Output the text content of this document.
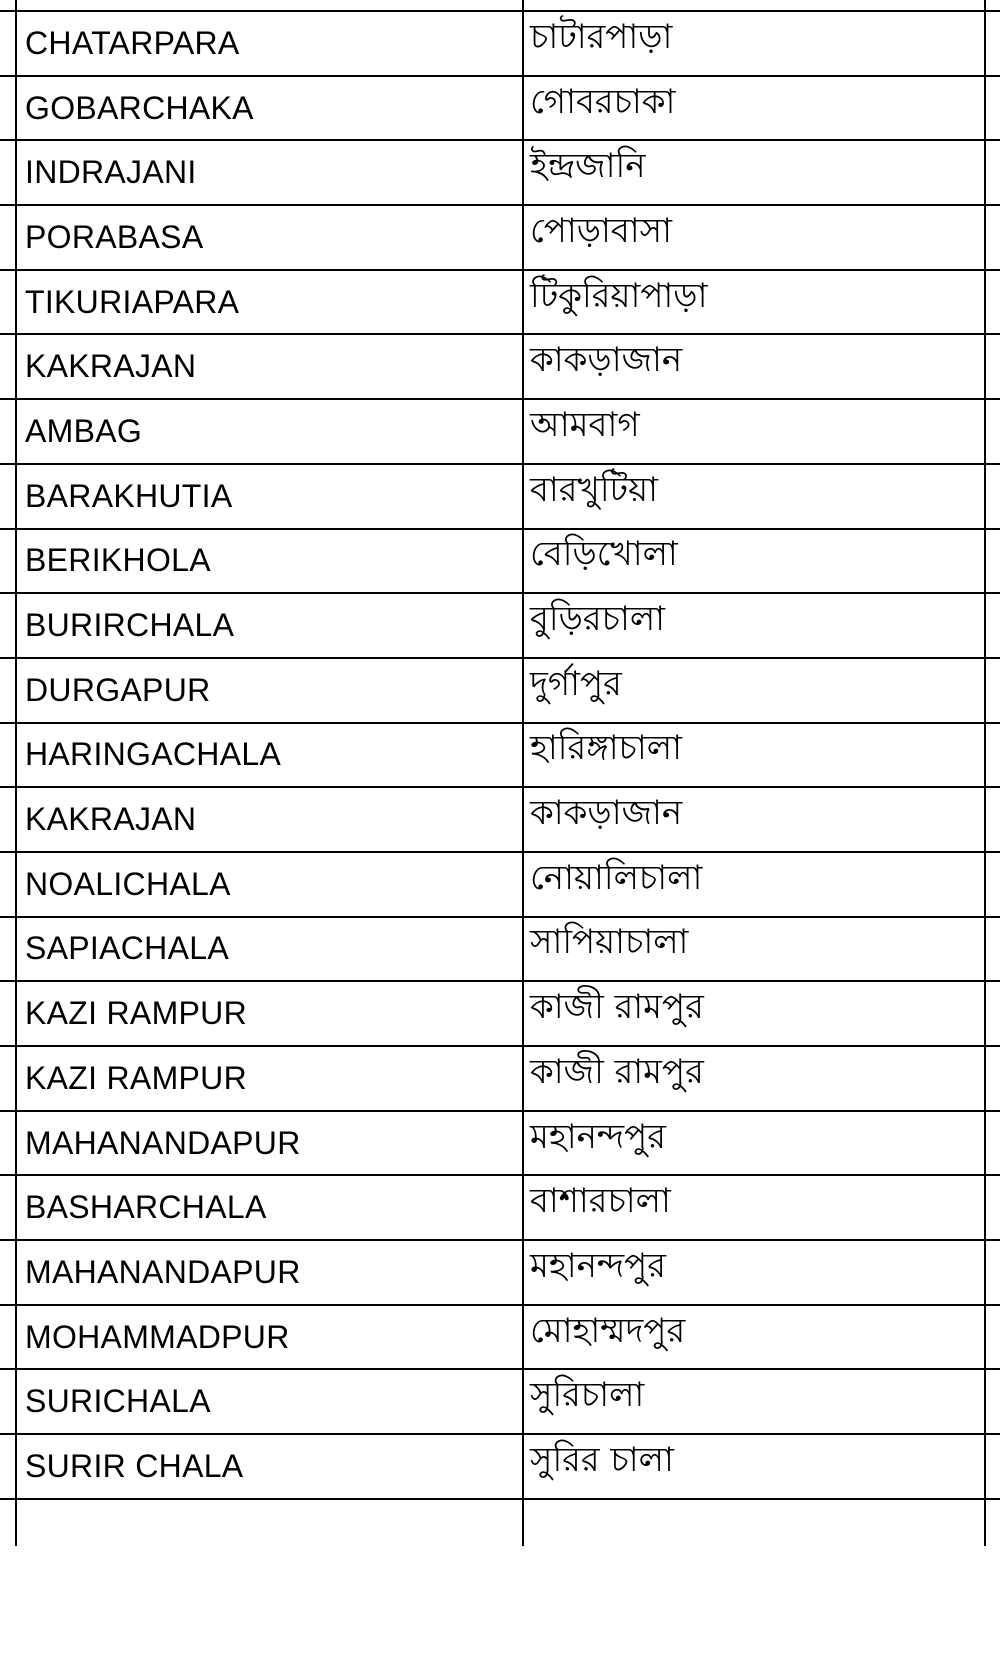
CHATARPARA	চাটারপাড়া
GOBARCHAKA	গোবরচাকা
INDRAJANI	ইন্দ্রজানি
PORABASA	পোড়াবাসা
TIKURIAPARA	টিকুরিয়াপাড়া
KAKRAJAN	কাকড়াজান
AMBAG	আমবাগ
BARAKHUTIA	বারখুটিয়া
BERIKHOLA	বেড়িখোলা
BURIRCHALA	বুড়িরচালা
DURGAPUR	দুর্গাপুর
HARINGACHALA	হারিঙ্গাচালা
KAKRAJAN	কাকড়াজান
NOALICHALA	নোয়ালিচালা
SAPIACHALA	সাপিয়াচালা
KAZI RAMPUR	কাজী রামপুর
KAZI RAMPUR	কাজী রামপুর
MAHANANDAPUR	মহানন্দপুর
BASHARCHALA	বাশারচালা
MAHANANDAPUR	মহানন্দপুর
MOHAMMADPUR	মোহাম্মদপুর
SURICHALA	সুরিচালা
SURIR CHALA	সুরির চালা
